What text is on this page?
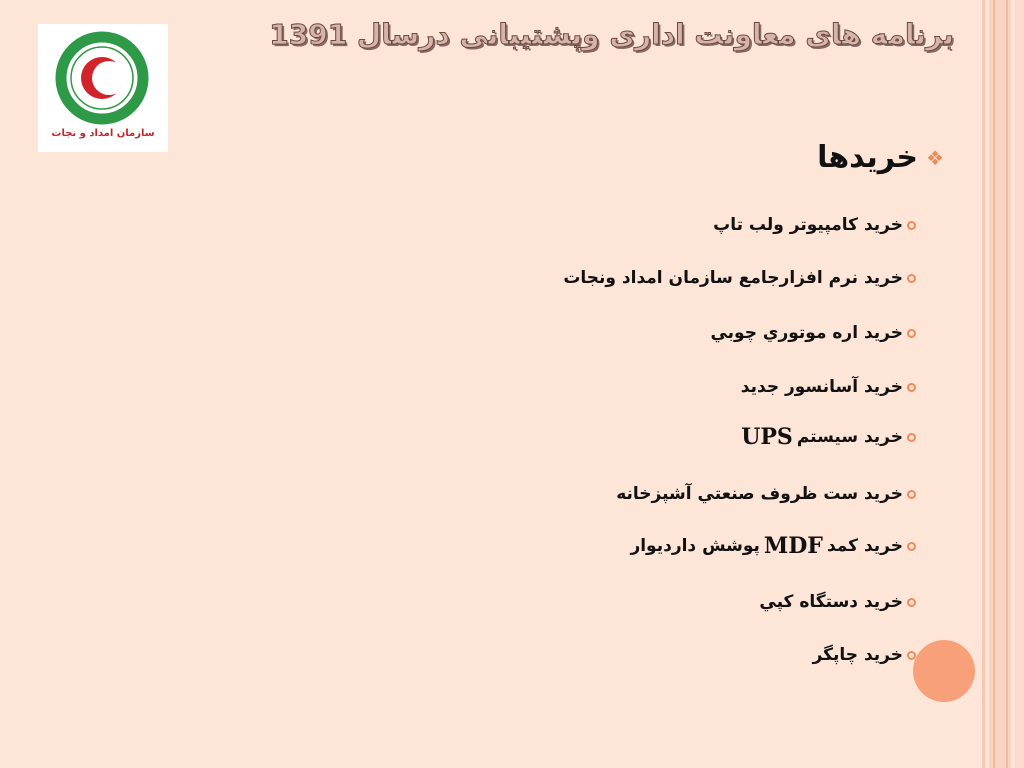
برنامه های معاونت اداری وپشتیبانی درسال 1391
سازمان امداد و نجات
❖
خریدها
خرید کامپیوتر ولب تاپ
خرید نرم افزارجامع سازمان امداد ونجات
خرید اره موتوري چوبي
خرید آسانسور جدید
خرید سیستم
UPS
خرید ست ظروف صنعتي آشپزخانه
خرید کمد
MDF
پوشش دارديوار
خرید دستگاه کپي
خرید چاپگر
